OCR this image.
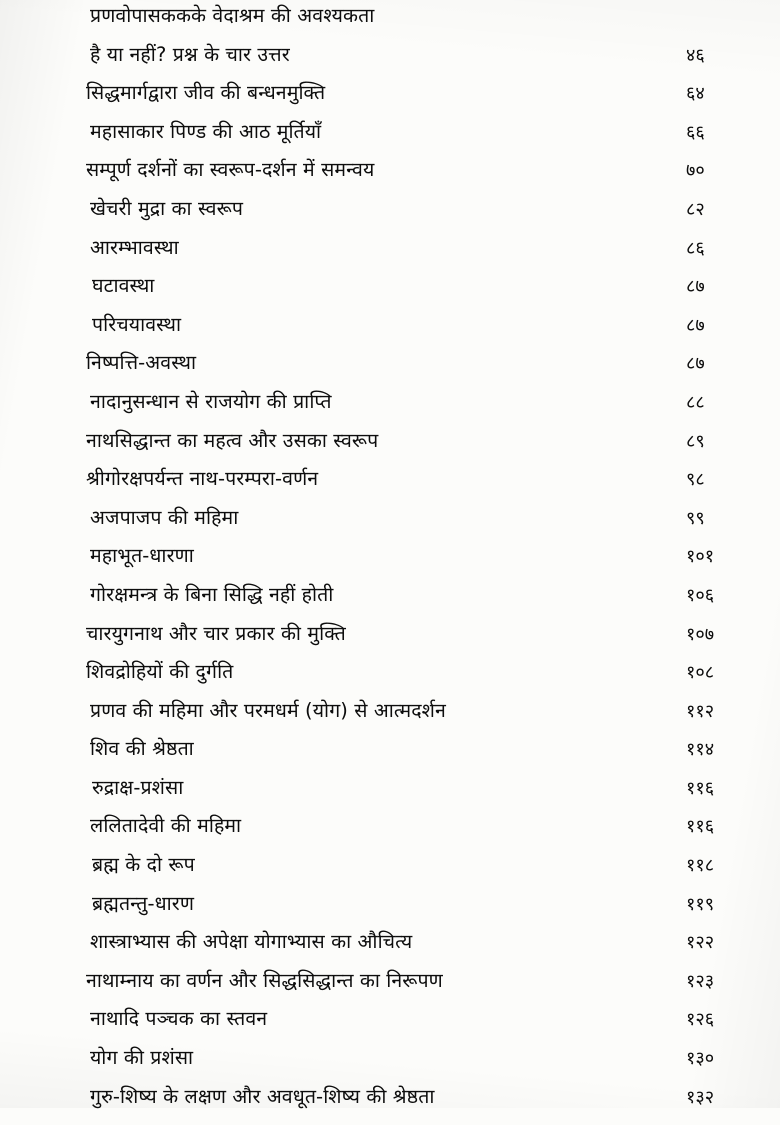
प्रणवोपासककके वेदाश्रम की अवश्यकता
है या नहीं? प्रश्न के चार उत्तर	४६
सिद्धमार्गद्वारा जीव की बन्धनमुक्ति	६४
महासाकार पिण्ड की आठ मूर्तियाँ	६६
सम्पूर्ण दर्शनों का स्वरूप-दर्शन में समन्वय	७०
खेचरी मुद्रा का स्वरूप	८२
आरम्भावस्था	८६
घटावस्था	८७
परिचयावस्था	८७
निष्पत्ति-अवस्था	८७
नादानुसन्धान से राजयोग की प्राप्ति	८८
नाथसिद्धान्त का महत्व और उसका स्वरूप	८९
श्रीगोरक्षपर्यन्त नाथ-परम्परा-वर्णन	९८
अजपाजप की महिमा	९९
महाभूत-धारणा	१०१
गोरक्षमन्त्र के बिना सिद्धि नहीं होती	१०६
चारयुगनाथ और चार प्रकार की मुक्ति	१०७
शिवद्रोहियों की दुर्गति	१०८
प्रणव की महिमा और परमधर्म (योग) से आत्मदर्शन	११२
शिव की श्रेष्ठता	११४
रुद्राक्ष-प्रशंसा	११६
ललितादेवी की महिमा	११६
ब्रह्म के दो रूप	११८
ब्रह्मतन्तु-धारण	११९
शास्त्राभ्यास की अपेक्षा योगाभ्यास का औचित्य	१२२
नाथाम्नाय का वर्णन और सिद्धसिद्धान्त का निरूपण	१२३
नाथादि पञ्चक का स्तवन	१२६
योग की प्रशंसा	१३०
गुरु-शिष्य के लक्षण और अवधूत-शिष्य की श्रेष्ठता	१३२
